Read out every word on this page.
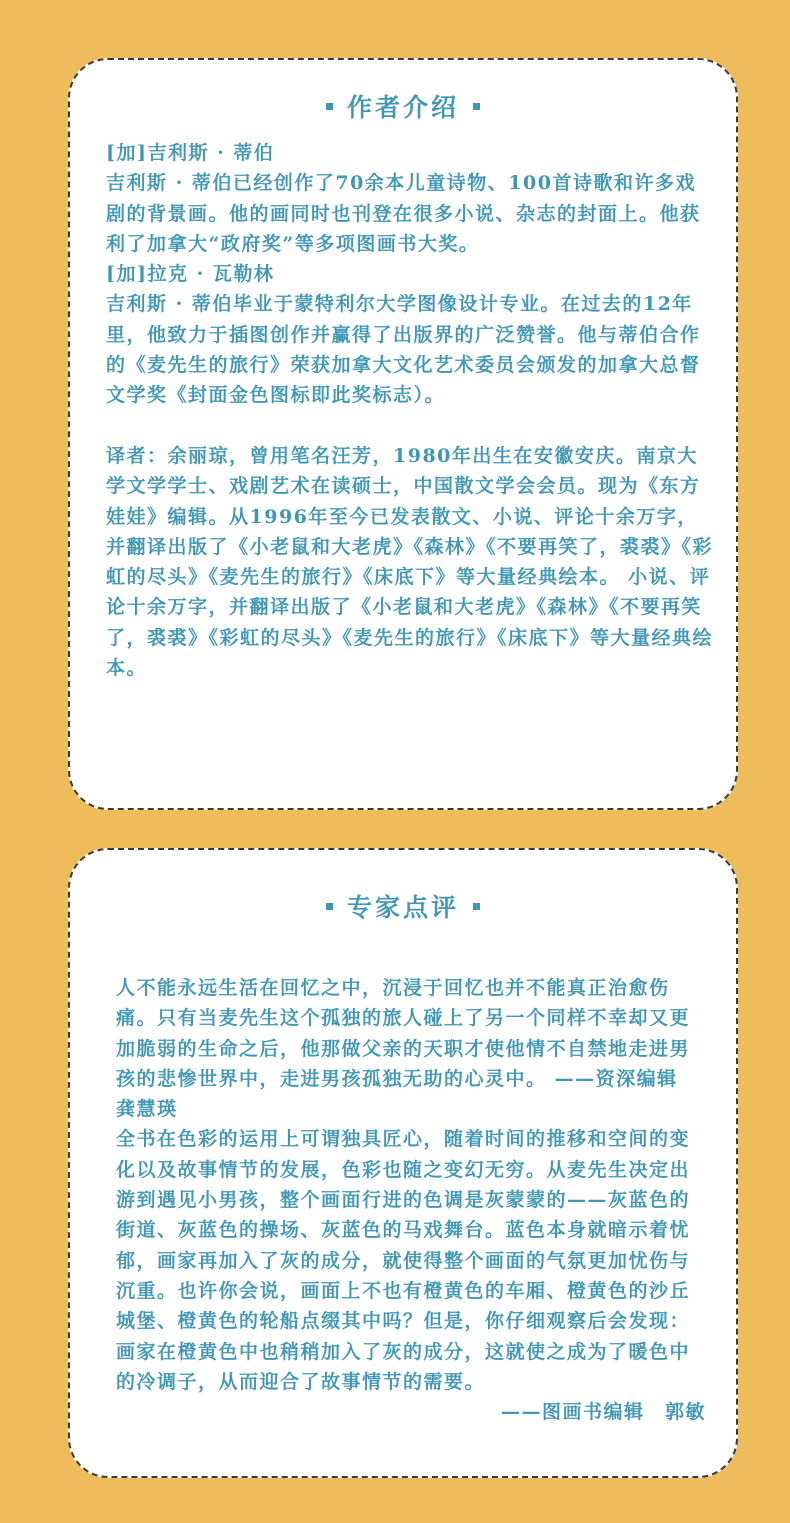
作者介绍
[加]吉利斯 · 蒂伯
吉利斯 · 蒂伯已经创作了70余本儿童诗物、100首诗歌和许多戏剧的背景画。他的画同时也刊登在很多小说、杂志的封面上。他获利了加拿大“政府奖”等多项图画书大奖。
[加]拉克 · 瓦勒林
吉利斯 · 蒂伯毕业于蒙特利尔大学图像设计专业。在过去的12年里，他致力于插图创作并赢得了出版界的广泛赞誉。他与蒂伯合作的《麦先生的旅行》荣获加拿大文化艺术委员会颁发的加拿大总督文学奖《封面金色图标即此奖标志）。
译者：余丽琼，曾用笔名汪芳，1980年出生在安徽安庆。南京大学文学学士、戏剧艺术在读硕士，中国散文学会会员。现为《东方娃娃》编辑。从1996年至今已发表散文、小说、评论十余万字，并翻译出版了《小老鼠和大老虎》《森林》《不要再笑了，裘裘》《彩虹的尽头》《麦先生的旅行》《床底下》等大量经典绘本。 小说、评论十余万字，并翻译出版了《小老鼠和大老虎》《森林》《不要再笑了，裘裘》《彩虹的尽头》《麦先生的旅行》《床底下》等大量经典绘本。
专家点评
人不能永远生活在回忆之中，沉浸于回忆也并不能真正治愈伤痛。只有当麦先生这个孤独的旅人碰上了另一个同样不幸却又更加脆弱的生命之后，他那做父亲的天职才使他情不自禁地走进男孩的悲惨世界中，走进男孩孤独无助的心灵中。 ——资深编辑　龚慧瑛
全书在色彩的运用上可谓独具匠心，随着时间的推移和空间的变化以及故事情节的发展，色彩也随之变幻无穷。从麦先生决定出游到遇见小男孩，整个画面行进的色调是灰蒙蒙的——灰蓝色的街道、灰蓝色的操场、灰蓝色的马戏舞台。蓝色本身就暗示着忧郁，画家再加入了灰的成分，就使得整个画面的气氛更加忧伤与沉重。也许你会说，画面上不也有橙黄色的车厢、橙黄色的沙丘城堡、橙黄色的轮船点缀其中吗？但是，你仔细观察后会发现：画家在橙黄色中也稍稍加入了灰的成分，这就使之成为了暖色中的冷调子，从而迎合了故事情节的需要。
——图画书编辑　郭敏
